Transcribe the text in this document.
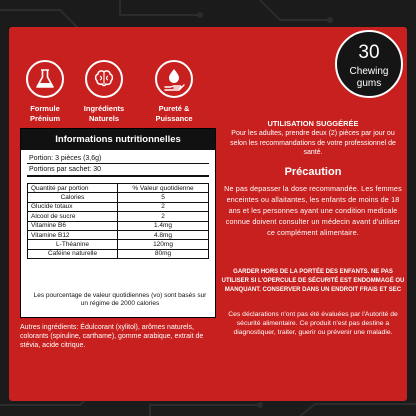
Formule
Prénium
Ingrédients
Naturels
Pureté &
Puissance
30
Chewing
gums
Informations nutritionnelles
Portion: 3 pièces (3,6g)
Portions par sachet: 30
Quantité par portion	% Valeur quotidienne
Calories	5
Glucide totaux	2
Alcool de sucre	2
Vitamine B6	1.4mg
Vitamine B12	4.8mg
L-Théanine	120mg
Caféine naturelle	80mg
Les pourcentage de valeur quotidiennes (vo) sont basés sur un régime de 2000 calories
Autres ingrédients: Édulcorant (xylitol), arômes naturels, colorants (spiruline, carthame), gomme arabique, extrait de stévia, acide citrique.
UTILISATION SUGGÉRÉE
Pour les adultes, prendre deux (2) pièces par jour ou selon les recommandations de votre professionnel de santé.
Précaution
Ne pas depasser la dose recommandée. Les femmes enceintes ou allaitantes, les enfants de moins de 18 ans et les personnes ayant une condition medicale connue doivent consulter un médecin avant d'utiliser ce complément alimentaire.
GARDER HORS DE LA PORTÉE DES ENFANTS. NE PAS UTILISER SI L'OPERCULE DE SÉCURITÉ EST ENDOMMAGÉ OU MANQUANT. CONSERVER DANS UN ENDROIT FRAIS ET SEC
Ces déclarations n'ont pas été évaluées par l'Autorité de sécurité alimentaire. Ce produit n'est pas destine a diagnostiquer, traiter, guerir ou prévenir une maladie.
